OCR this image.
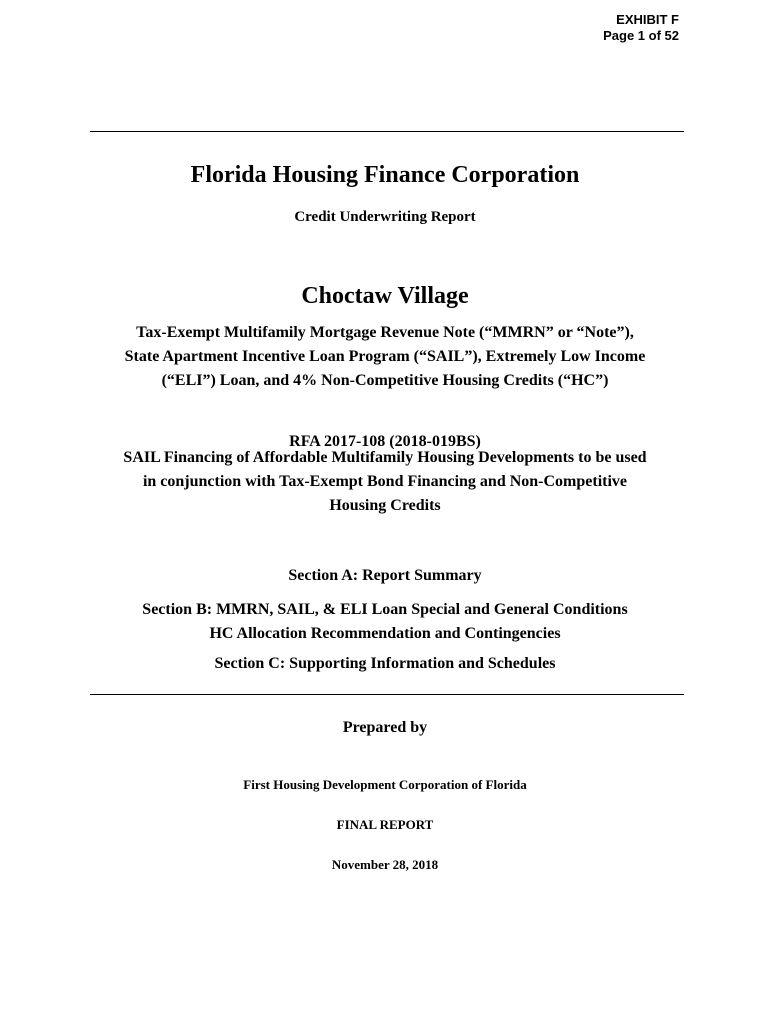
EXHIBIT F
Page 1 of 52
Florida Housing Finance Corporation
Credit Underwriting Report
Choctaw Village
Tax-Exempt Multifamily Mortgage Revenue Note (“MMRN” or “Note”),
State Apartment Incentive Loan Program (“SAIL”), Extremely Low Income
(“ELI”) Loan, and 4% Non-Competitive Housing Credits (“HC”)
RFA 2017-108 (2018-019BS)
SAIL Financing of Affordable Multifamily Housing Developments to be used
in conjunction with Tax-Exempt Bond Financing and Non-Competitive
Housing Credits
Section A: Report Summary
Section B: MMRN, SAIL, & ELI Loan Special and General Conditions
HC Allocation Recommendation and Contingencies
Section C: Supporting Information and Schedules
Prepared by
First Housing Development Corporation of Florida
FINAL REPORT
November 28, 2018
